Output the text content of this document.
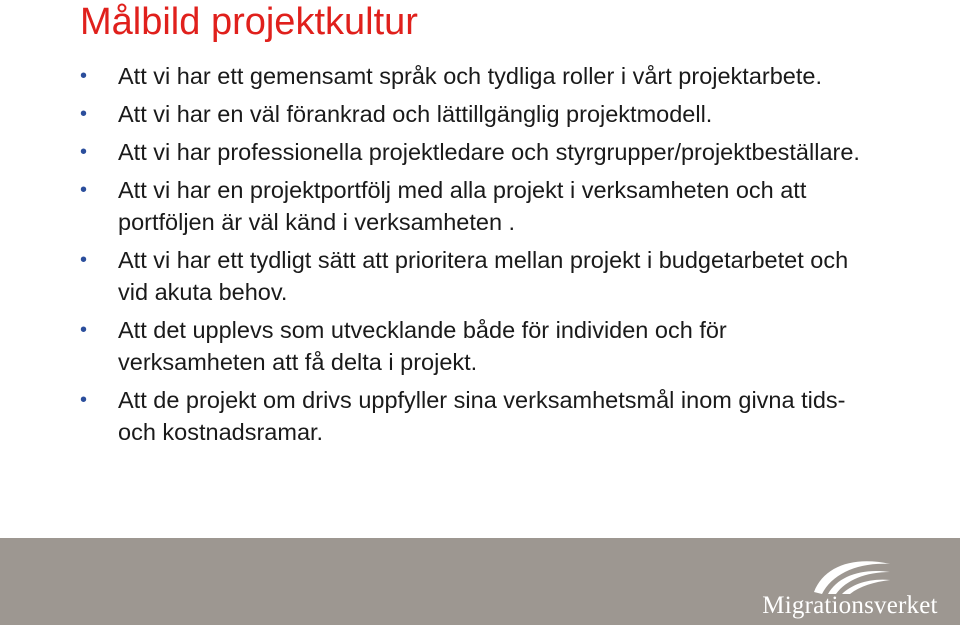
Målbild projektkultur
•	Att vi har ett gemensamt språk och tydliga roller i vårt projektarbete.
•	Att vi har en väl förankrad och lättillgänglig projektmodell.
•	Att vi har professionella projektledare och styrgrupper/projektbeställare.
•	Att vi har en projektportfölj med alla projekt i verksamheten och att portföljen är väl känd i verksamheten .
•	Att vi har ett tydligt sätt att prioritera mellan projekt i budgetarbetet och vid akuta behov.
•	Att det upplevs som utvecklande både för individen och för verksamheten att få delta i projekt.
•	Att de projekt om drivs uppfyller sina verksamhetsmål inom givna tids- och kostnadsramar.
Migrationsverket
